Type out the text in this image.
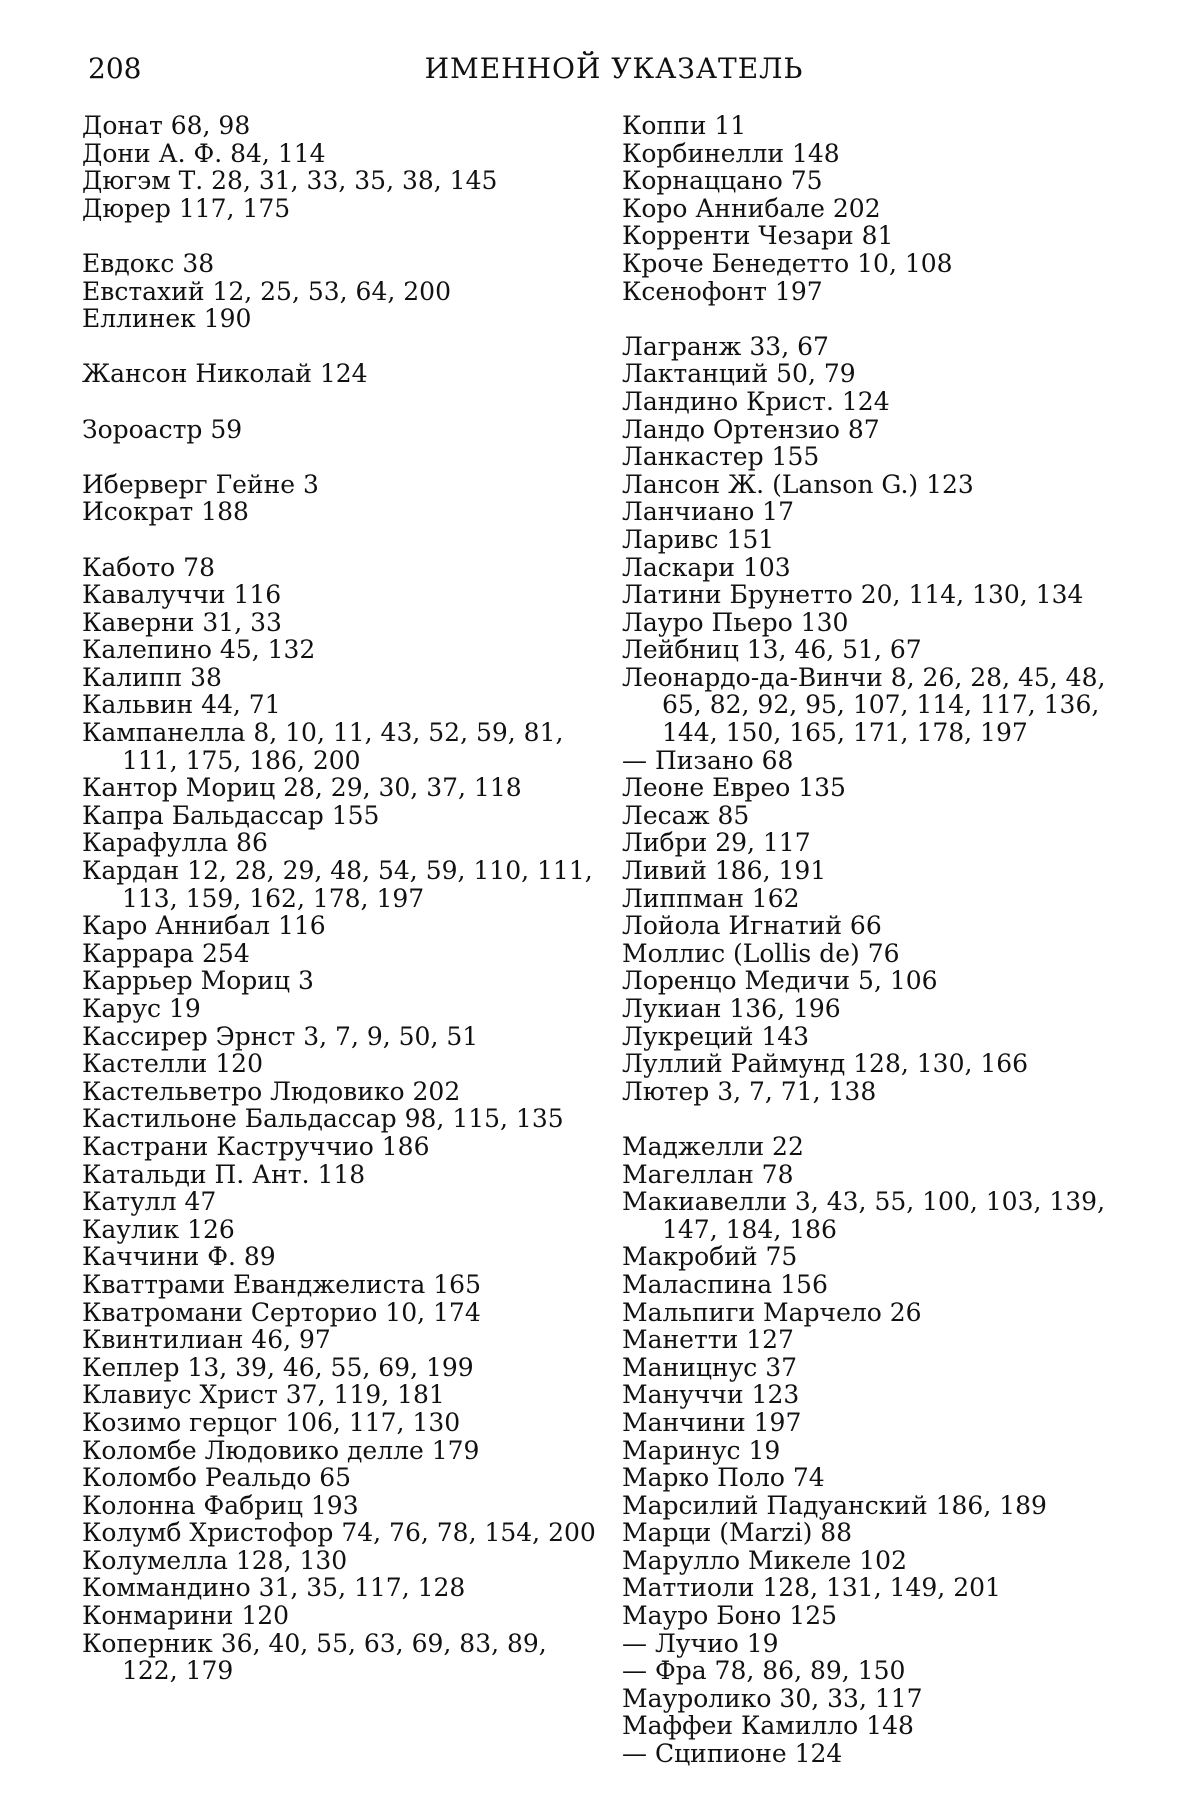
208	ИМЕННОЙ УКАЗАТЕЛЬ
Донат 68, 98
Дони А. Ф. 84, 114
Дюгэм Т. 28, 31, 33, 35, 38, 145
Дюрер 117, 175
Евдокс 38
Евстахий 12, 25, 53, 64, 200
Еллинек 190
Жансон Николай 124
Зороастр 59
Иберверг Гейне 3
Исократ 188
Кабото 78
Кавалуччи 116
Каверни 31, 33
Калепино 45, 132
Калипп 38
Кальвин 44, 71
Кампанелла 8, 10, 11, 43, 52, 59, 81, 111, 175, 186, 200
Кантор Мориц 28, 29, 30, 37, 118
Капра Бальдассар 155
Карафулла 86
Кардан 12, 28, 29, 48, 54, 59, 110, 111, 113, 159, 162, 178, 197
Каро Аннибал 116
Каррара 254
Каррьер Мориц 3
Карус 19
Кассирер Эрнст 3, 7, 9, 50, 51
Кастелли 120
Кастельветро Людовико 202
Кастильоне Бальдассар 98, 115, 135
Кастрани Каструччио 186
Катальди П. Ант. 118
Катулл 47
Каулик 126
Каччини Ф. 89
Кваттрами Еванджелиста 165
Кватромани Серторио 10, 174
Квинтилиан 46, 97
Кеплер 13, 39, 46, 55, 69, 199
Клавиус Христ 37, 119, 181
Козимо герцог 106, 117, 130
Коломбе Людовико делле 179
Коломбо Реальдо 65
Колонна Фабриц 193
Колумб Христофор 74, 76, 78, 154, 200
Колумелла 128, 130
Коммандино 31, 35, 117, 128
Конмарини 120
Коперник 36, 40, 55, 63, 69, 83, 89, 122, 179
Коппи 11
Корбинелли 148
Корнаццано 75
Коро Аннибале 202
Корренти Чезари 81
Кроче Бенедетто 10, 108
Ксенофонт 197
Лагранж 33, 67
Лактанций 50, 79
Ландино Крист. 124
Ландо Ортензио 87
Ланкастер 155
Лансон Ж. (Lanson G.) 123
Ланчиано 17
Ларивс 151
Ласкари 103
Латини Брунетто 20, 114, 130, 134
Лауро Пьеро 130
Лейбниц 13, 46, 51, 67
Леонардо-да-Винчи 8, 26, 28, 45, 48, 65, 82, 92, 95, 107, 114, 117, 136, 144, 150, 165, 171, 178, 197
— Пизано 68
Леоне Еврео 135
Лесаж 85
Либри 29, 117
Ливий 186, 191
Липпман 162
Лойола Игнатий 66
Моллис (Lollis de) 76
Лоренцо Медичи 5, 106
Лукиан 136, 196
Лукреций 143
Луллий Раймунд 128, 130, 166
Лютер 3, 7, 71, 138
Маджелли 22
Магеллан 78
Макиавелли 3, 43, 55, 100, 103, 139, 147, 184, 186
Макробий 75
Маласпина 156
Мальпиги Марчело 26
Манетти 127
Маницнус 37
Мануччи 123
Манчини 197
Маринус 19
Марко Поло 74
Марсилий Падуанский 186, 189
Марци (Marzi) 88
Марулло Микеле 102
Маттиоли 128, 131, 149, 201
Мауро Боно 125
— Лучио 19
— Фра 78, 86, 89, 150
Мауролико 30, 33, 117
Маффеи Камилло 148
— Сципионе 124
